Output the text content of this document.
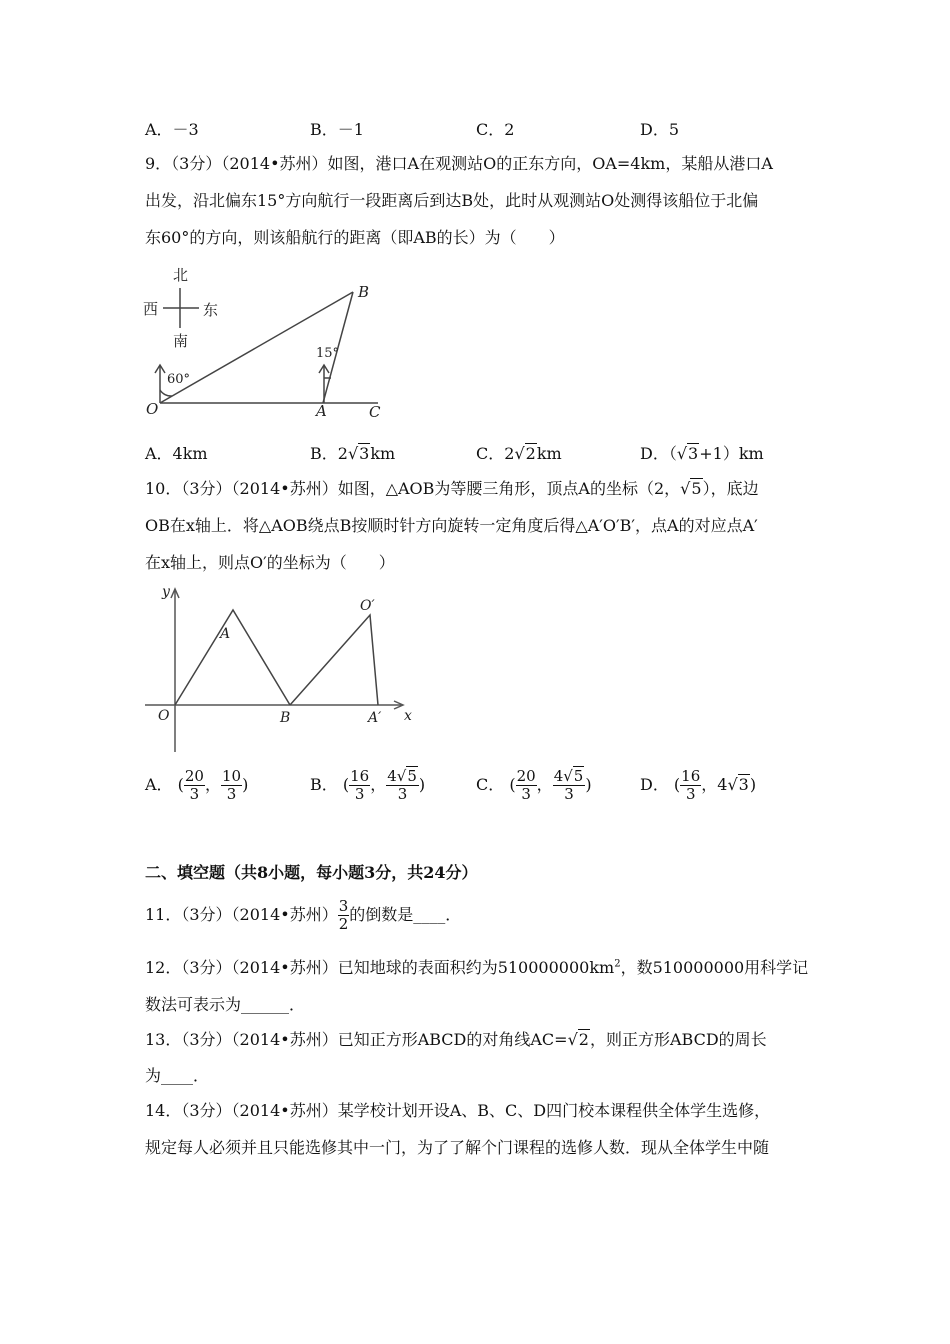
A．－3	B．－1	C．2	D．5
9．（3分）（2014•苏州）如图，港口A在观测站O的正东方向，OA=4km，某船从港口A
出发，沿北偏东15°方向航行一段距离后到达B处，此时从观测站O处测得该船位于北偏
东60°的方向，则该船航行的距离（即AB的长）为（　　）
北
西	东
南
O	A
B
C
60°
15°
y
x
O
A
B
O′
A′
A．4km	B．2√3km	C．2√2km	D．（√3+1）km
10．（3分）（2014•苏州）如图，△AOB为等腰三角形，顶点A的坐标（2，√5），底边
OB在x轴上．将△AOB绕点B按顺时针方向旋转一定角度后得△A′O′B′，点A的对应点A′
在x轴上，则点O′的坐标为（　　）
A． ( $\frac{20}{3}$ ， $\frac{10}{3}$ )	B． ( $\frac{16}{3}$ ， $\frac{4√5}{3}$ )	C． ( $\frac{20}{3}$ ， $\frac{4√5}{3}$ )	D． ( $\frac{16}{3}$ ，4√3)
二、填空题（共8小题，每小题3分，共24分）
11．（3分）（2014•苏州） $\frac{3}{2}$ 的倒数是____．
12．（3分）（2014•苏州）已知地球的表面积约为$510000000km^2$，数510000000用科学记
数法可表示为______．
13．（3分）（2014•苏州）已知正方形ABCD的对角线AC=√2，则正方形ABCD的周长
为____．
14．（3分）（2014•苏州）某学校计划开设A、B、C、D四门校本课程供全体学生选修，
规定每人必须并且只能选修其中一门，为了了解个门课程的选修人数．现从全体学生中随
